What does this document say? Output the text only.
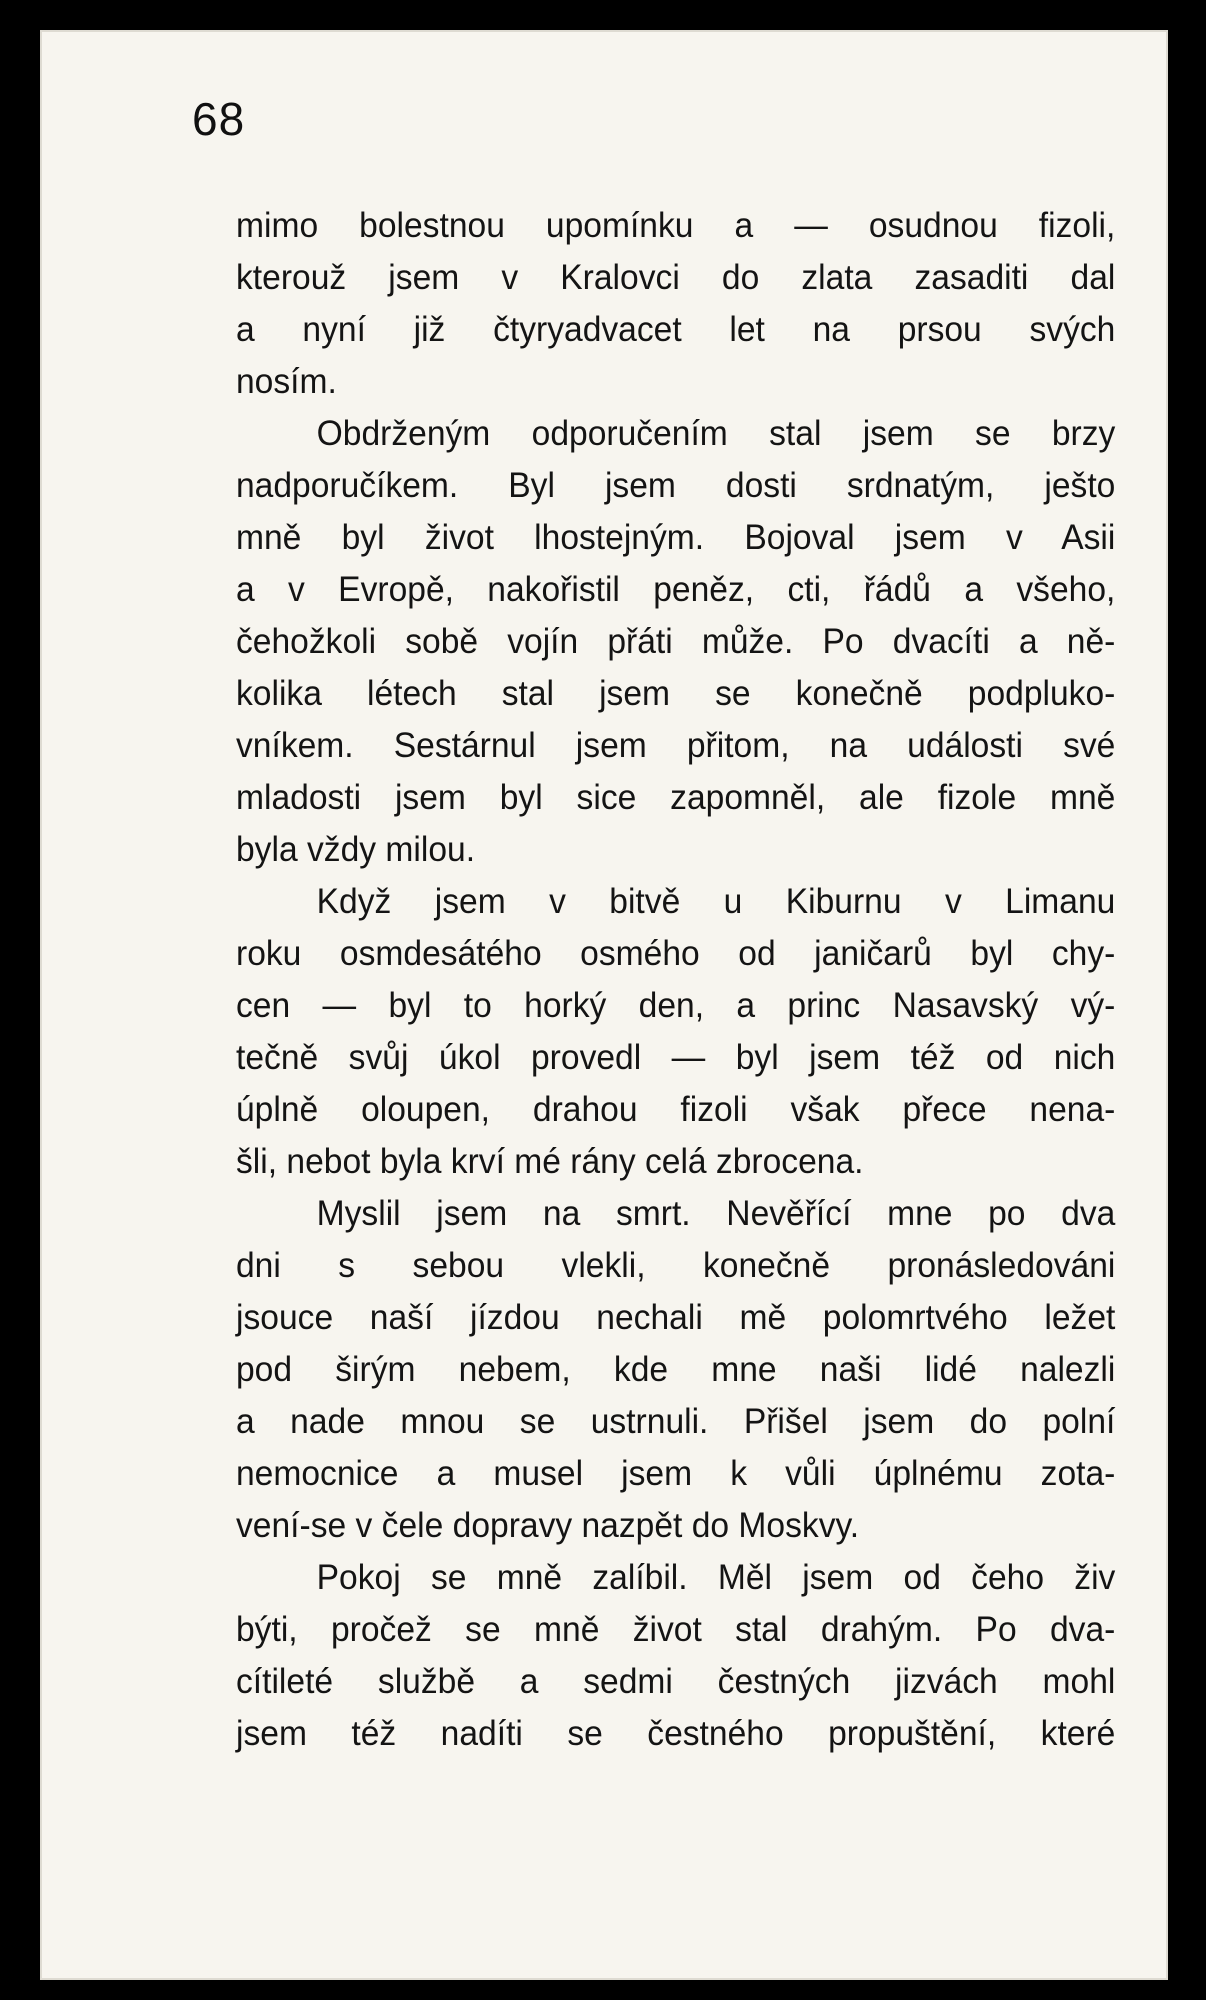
68
mimo bolestnou upomínku a — osudnou fizoli,
kterouž jsem v Kralovci do zlata zasaditi dal
a nyní již čtyryadvacet let na prsou svých
nosím.
Obdrženým odporučením stal jsem se brzy
nadporučíkem. Byl jsem dosti srdnatým, ješto
mně byl život lhostejným. Bojoval jsem v Asii
a v Evropě, nakořistil peněz, cti, řádů a všeho,
čehožkoli sobě vojín přáti může. Po dvacíti a ně-
kolika létech stal jsem se konečně podpluko-
vníkem. Sestárnul jsem přitom, na události své
mladosti jsem byl sice zapomněl, ale fizole mně
byla vždy milou.
Když jsem v bitvě u Kiburnu v Limanu
roku osmdesátého osmého od janičarů byl chy-
cen — byl to horký den, a princ Nasavský vý-
tečně svůj úkol provedl — byl jsem též od nich
úplně oloupen, drahou fizoli však přece nena-
šli, nebot byla krví mé rány celá zbrocena.
Myslil jsem na smrt. Nevěřící mne po dva
dni s sebou vlekli, konečně pronásledováni
jsouce naší jízdou nechali mě polomrtvého ležet
pod širým nebem, kde mne naši lidé nalezli
a nade mnou se ustrnuli. Přišel jsem do polní
nemocnice a musel jsem k vůli úplnému zota-
vení-se v čele dopravy nazpět do Moskvy.
Pokoj se mně zalíbil. Měl jsem od čeho živ
býti, pročež se mně život stal drahým. Po dva-
cítileté službě a sedmi čestných jizvách mohl
jsem též nadíti se čestného propuštění, které
